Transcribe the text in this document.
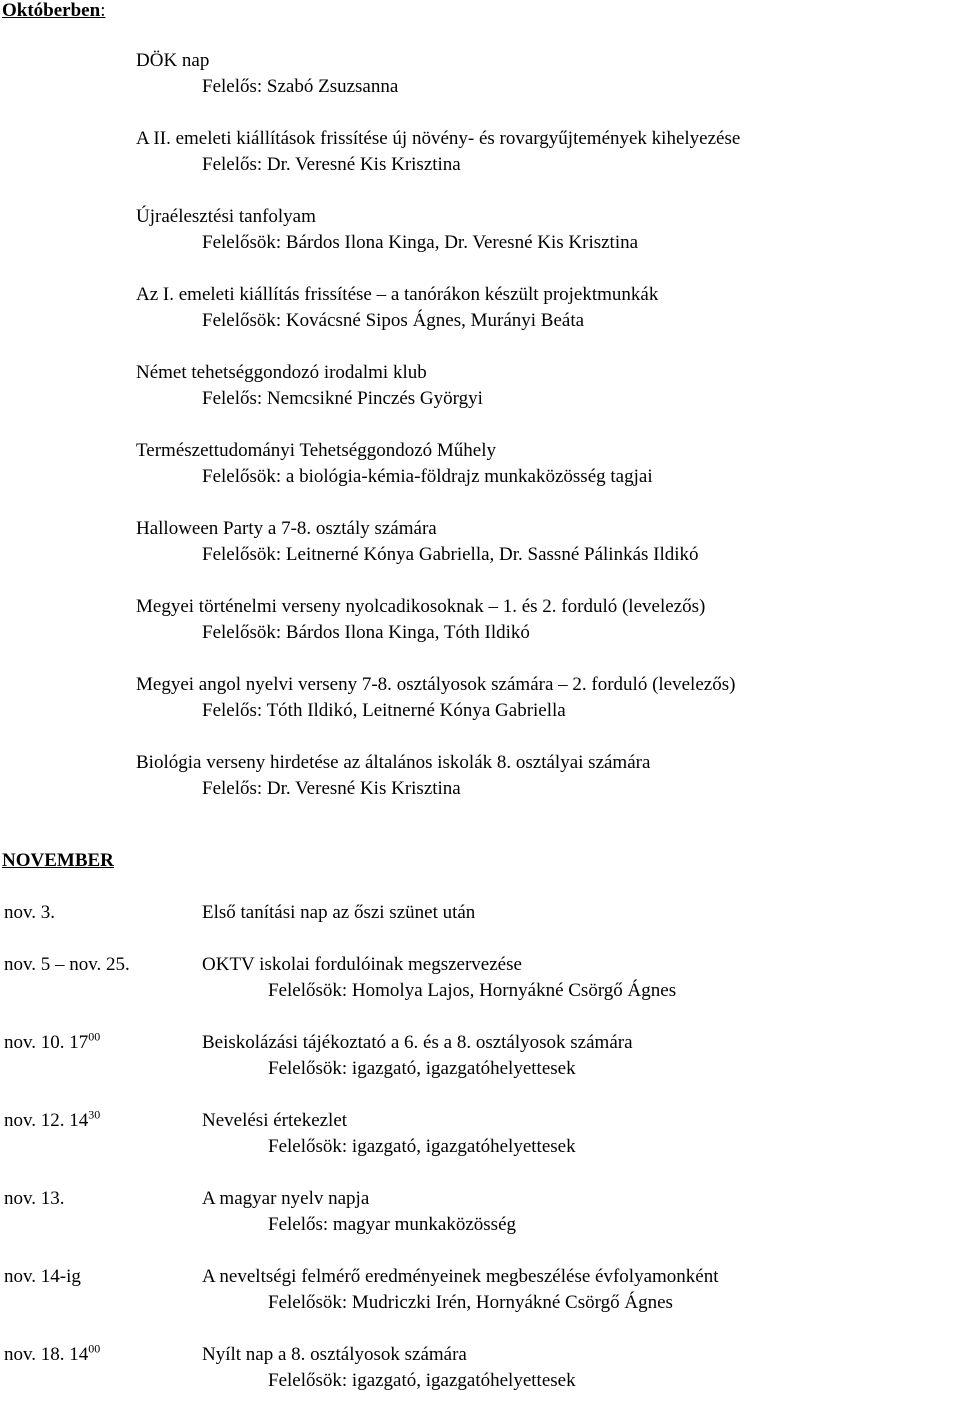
Októberben:
DÖK nap
Felelős: Szabó Zsuzsanna
A II. emeleti kiállítások frissítése új növény- és rovargyűjtemények kihelyezése
Felelős: Dr. Veresné Kis Krisztina
Újraélesztési tanfolyam
Felelősök: Bárdos Ilona Kinga, Dr. Veresné Kis Krisztina
Az I. emeleti kiállítás frissítése – a tanórákon készült projektmunkák
Felelősök: Kovácsné Sipos Ágnes, Murányi Beáta
Német tehetséggondozó irodalmi klub
Felelős: Nemcsikné Pinczés Györgyi
Természettudományi Tehetséggondozó Műhely
Felelősök: a biológia-kémia-földrajz munkaközösség tagjai
Halloween Party a 7-8. osztály számára
Felelősök: Leitnerné Kónya Gabriella, Dr. Sassné Pálinkás Ildikó
Megyei történelmi verseny nyolcadikosoknak – 1. és 2. forduló (levelezős)
Felelősök: Bárdos Ilona Kinga, Tóth Ildikó
Megyei angol nyelvi verseny 7-8. osztályosok számára – 2. forduló (levelezős)
Felelős: Tóth Ildikó, Leitnerné Kónya Gabriella
Biológia verseny hirdetése az általános iskolák 8. osztályai számára
Felelős: Dr. Veresné Kis Krisztina
NOVEMBER
nov. 3.	Első tanítási nap az őszi szünet után
nov. 5 – nov. 25.	OKTV iskolai fordulóinak megszervezése
Felelősök: Homolya Lajos, Hornyákné Csörgő Ágnes
nov. 10. $17^{00}$	Beiskolázási tájékoztató a 6. és a 8. osztályosok számára
Felelősök: igazgató, igazgatóhelyettesek
nov. 12. $14^{30}$	Nevelési értekezlet
Felelősök: igazgató, igazgatóhelyettesek
nov. 13.	A magyar nyelv napja
Felelős: magyar munkaközösség
nov. 14-ig	A neveltségi felmérő eredményeinek megbeszélése évfolyamonként
Felelősök: Mudriczki Irén, Hornyákné Csörgő Ágnes
nov. 18. $14^{00}$	Nyílt nap a 8. osztályosok számára
Felelősök: igazgató, igazgatóhelyettesek
